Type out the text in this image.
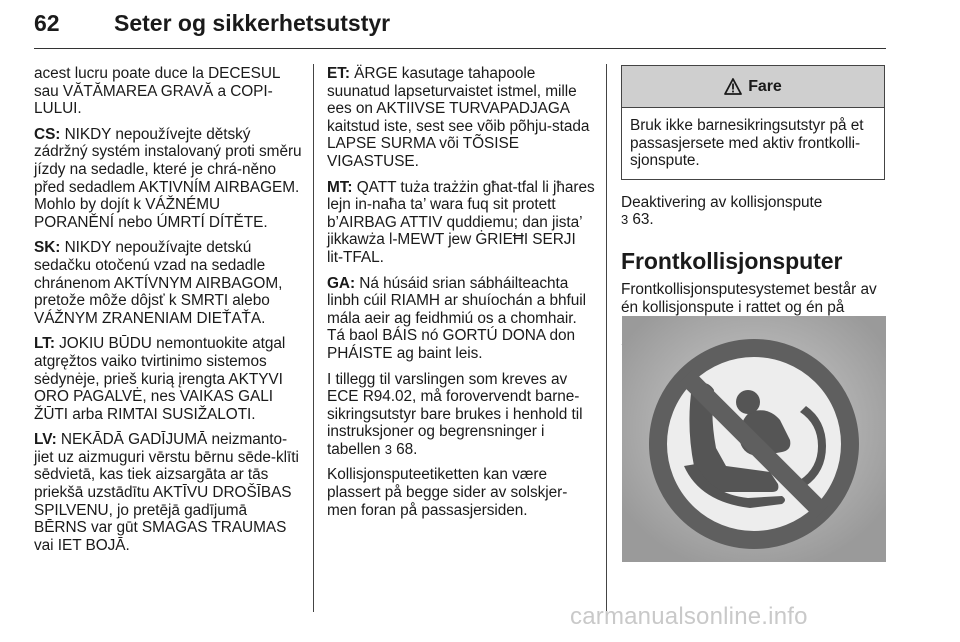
62 Seter og sikkerhetsutstyr

acest lucru poate duce la DECESUL sau VĂTĂMAREA GRAVĂ a COPI-LULUI.

CS: NIKDY nepoužívejte dětský zádržný systém instalovaný proti směru jízdy na sedadle, které je chrá-něno před sedadlem AKTIVNÍM AIRBAGEM. Mohlo by dojít k VÁŽNÉMU PORANĚNÍ nebo ÚMRTÍ DÍTĚTE.

SK: NIKDY nepoužívajte detskú sedačku otočenú vzad na sedadle chránenom AKTÍVNYM AIRBAGOM, pretože môže dôjsť k SMRTI alebo VÁŽNYM ZRANENIAM DIEŤAŤA.

LT: JOKIU BŪDU nemontuokite atgal atgręžtos vaiko tvirtinimo sistemos sėdynėje, prieš kurią įrengta AKTYVI ORO PAGALVĖ, nes VAIKAS GALI ŽŪTI arba RIMTAI SUSIŽALOTI.

LV: NEKĀDĀ GADĪJUMĀ neizmanto-jiet uz aizmuguri vērstu bērnu sēde-klīti sēdvietā, kas tiek aizsargāta ar tās priekšā uzstādītu AKTĪVU DROŠĪBAS SPILVENU, jo pretējā gadījumā BĒRNS var gūt SMAGAS TRAUMAS vai IET BOJĀ.

ET: ÄRGE kasutage tahapoole suunatud lapseturvaistet istmel, mille ees on AKTIIVSE TURVAPADJAGA kaitstud iste, sest see võib põhju-stada LAPSE SURMA või TÕSISE VIGASTUSE.

MT: QATT tuża trażżin għat-tfal li jħares lejn in-naħa ta’ wara fuq sit protett b’AIRBAG ATTIV quddiemu; dan jista’ jikkawża l-MEWT jew ĠRIEĦI SERJI lit-TFAL.

GA: Ná húsáid srian sábháilteachta linbh cúil RIAMH ar shuíochán a bhfuil mála aeir ag feidhmiú os a chomhair. Tá baol BÁIS nó GORTÚ DONA don PHÁISTE ag baint leis.

I tillegg til varslingen som kreves av ECE R94.02, må forovervendt barne-sikringsutstyr bare brukes i henhold til instruksjoner og begrensninger i tabellen 3 68.

Kollisjonsputeetiketten kan være plassert på begge sider av solskjer-men foran på passasjersiden.

Fare
Bruk ikke barnesikringsutstyr på et passasjersete med aktiv frontkolli-sjonspute.

Deaktivering av kollisjonspute
3 63.

Frontkollisjonsputer

Frontkollisjonsputesystemet består av én kollisjonspute i rattet og én på

carmanualsonline.info
